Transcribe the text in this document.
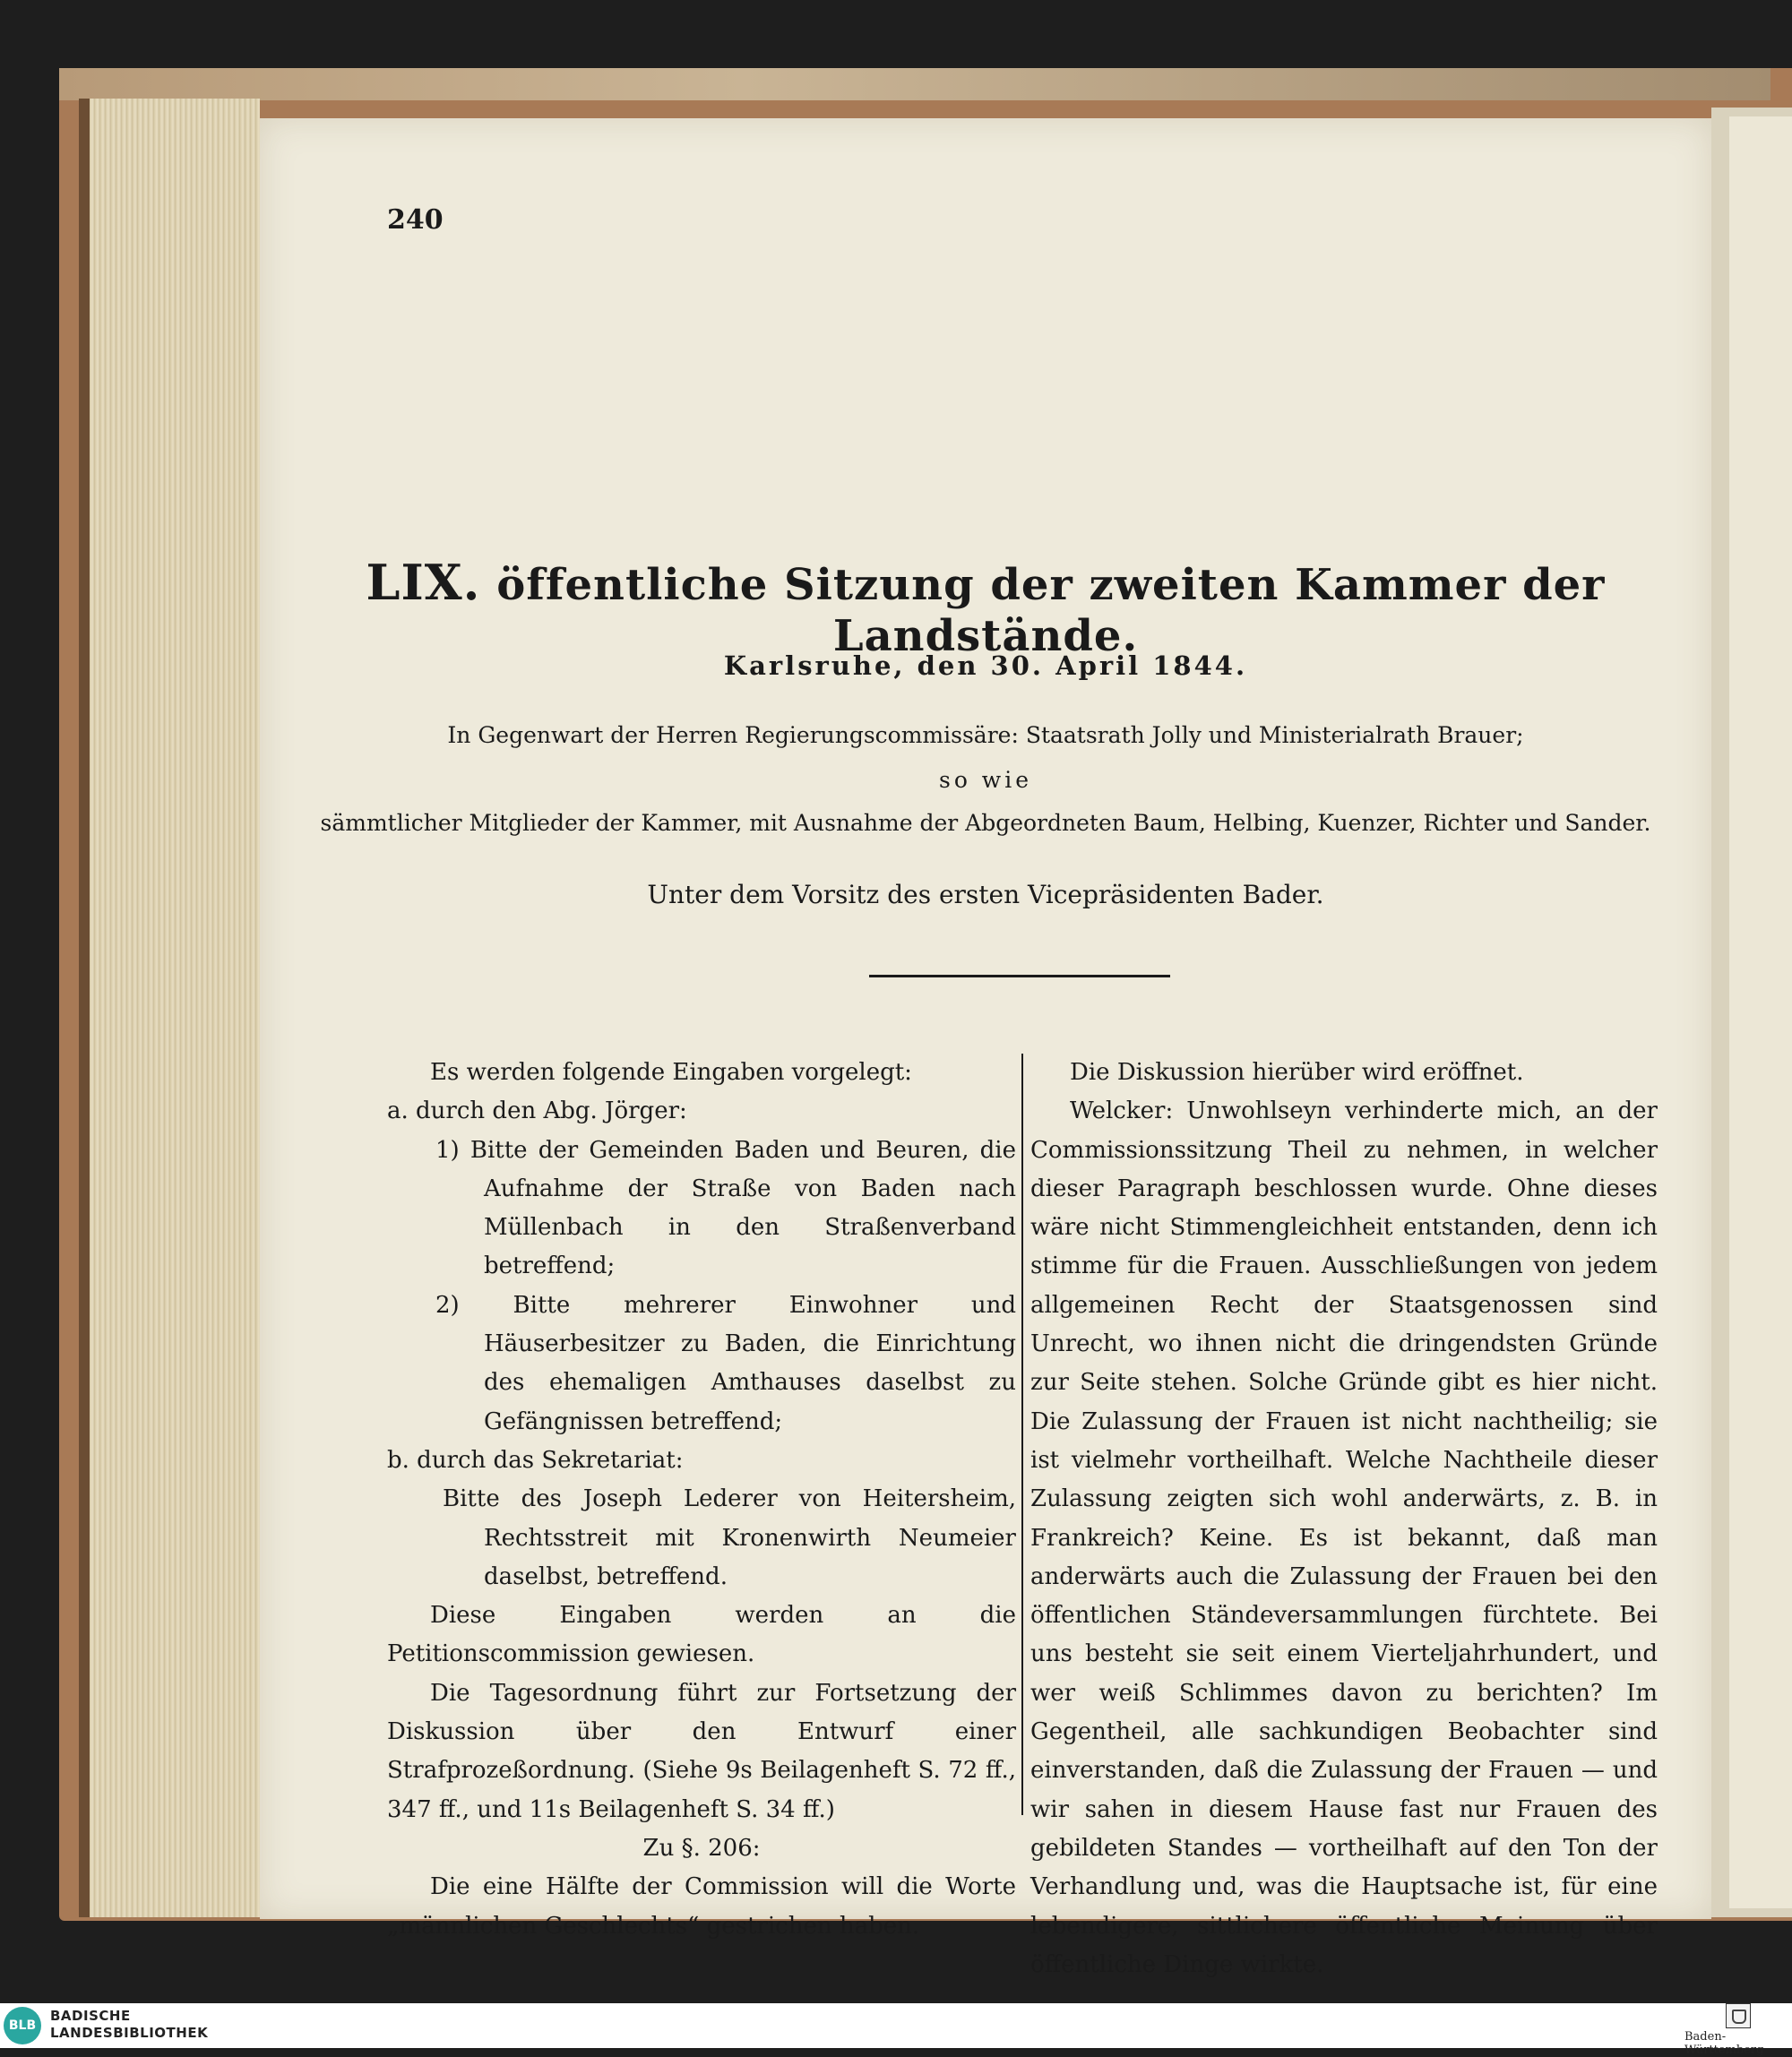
240
LIX. öffentliche Sitzung der zweiten Kammer der Landstände.
Karlsruhe, den 30. April 1844.
In Gegenwart der Herren Regierungscommissäre: Staatsrath Jolly und Ministerialrath Brauer;
so wie
sämmtlicher Mitglieder der Kammer, mit Ausnahme der Abgeordneten Baum, Helbing, Kuenzer, Richter und Sander.
Unter dem Vorsitz des ersten Vicepräsidenten Bader.

Es werden folgende Eingaben vorgelegt:

a. durch den Abg. Jörger:

1) Bitte der Gemeinden Baden und Beuren, die Aufnahme der Straße von Baden nach Müllenbach in den Straßenverband betreffend;

2) Bitte mehrerer Einwohner und Häuserbesitzer zu Baden, die Einrichtung des ehemaligen Amthauses daselbst zu Gefängnissen betreffend;

b. durch das Sekretariat:

Bitte des Joseph Lederer von Heitersheim, Rechtsstreit mit Kronenwirth Neumeier daselbst, betreffend.

Diese Eingaben werden an die Petitionscommission gewiesen.

Die Tagesordnung führt zur Fortsetzung der Diskussion über den Entwurf einer Strafprozeßordnung. (Siehe 9s Beilagenheft S. 72 ff., 347 ff., und 11s Beilagenheft S. 34 ff.)

Zu §. 206:

Die eine Hälfte der Commission will die Worte „männlichen Geschlechts“ gestrichen haben.

Die Diskussion hierüber wird eröffnet.

Welcker: Unwohlseyn verhinderte mich, an der Commissionssitzung Theil zu nehmen, in welcher dieser Paragraph beschlossen wurde. Ohne dieses wäre nicht Stimmengleichheit entstanden, denn ich stimme für die Frauen. Ausschließungen von jedem allgemeinen Recht der Staatsgenossen sind Unrecht, wo ihnen nicht die dringendsten Gründe zur Seite stehen. Solche Gründe gibt es hier nicht. Die Zulassung der Frauen ist nicht nachtheilig; sie ist vielmehr vortheilhaft. Welche Nachtheile dieser Zulassung zeigten sich wohl anderwärts, z. B. in Frankreich? Keine. Es ist bekannt, daß man anderwärts auch die Zulassung der Frauen bei den öffentlichen Ständeversammlungen fürchtete. Bei uns besteht sie seit einem Vierteljahrhundert, und wer weiß Schlimmes davon zu berichten? Im Gegentheil, alle sachkundigen Beobachter sind einverstanden, daß die Zulassung der Frauen — und wir sahen in diesem Hause fast nur Frauen des gebildeten Standes — vortheilhaft auf den Ton der Verhandlung und, was die Hauptsache ist, für eine lebendigere, sittlichere öffentliche Meinung über öffentliche Dinge wirkte.

BLB
BADISCHE
LANDESBIBLIOTHEK	Baden-Württemberg
